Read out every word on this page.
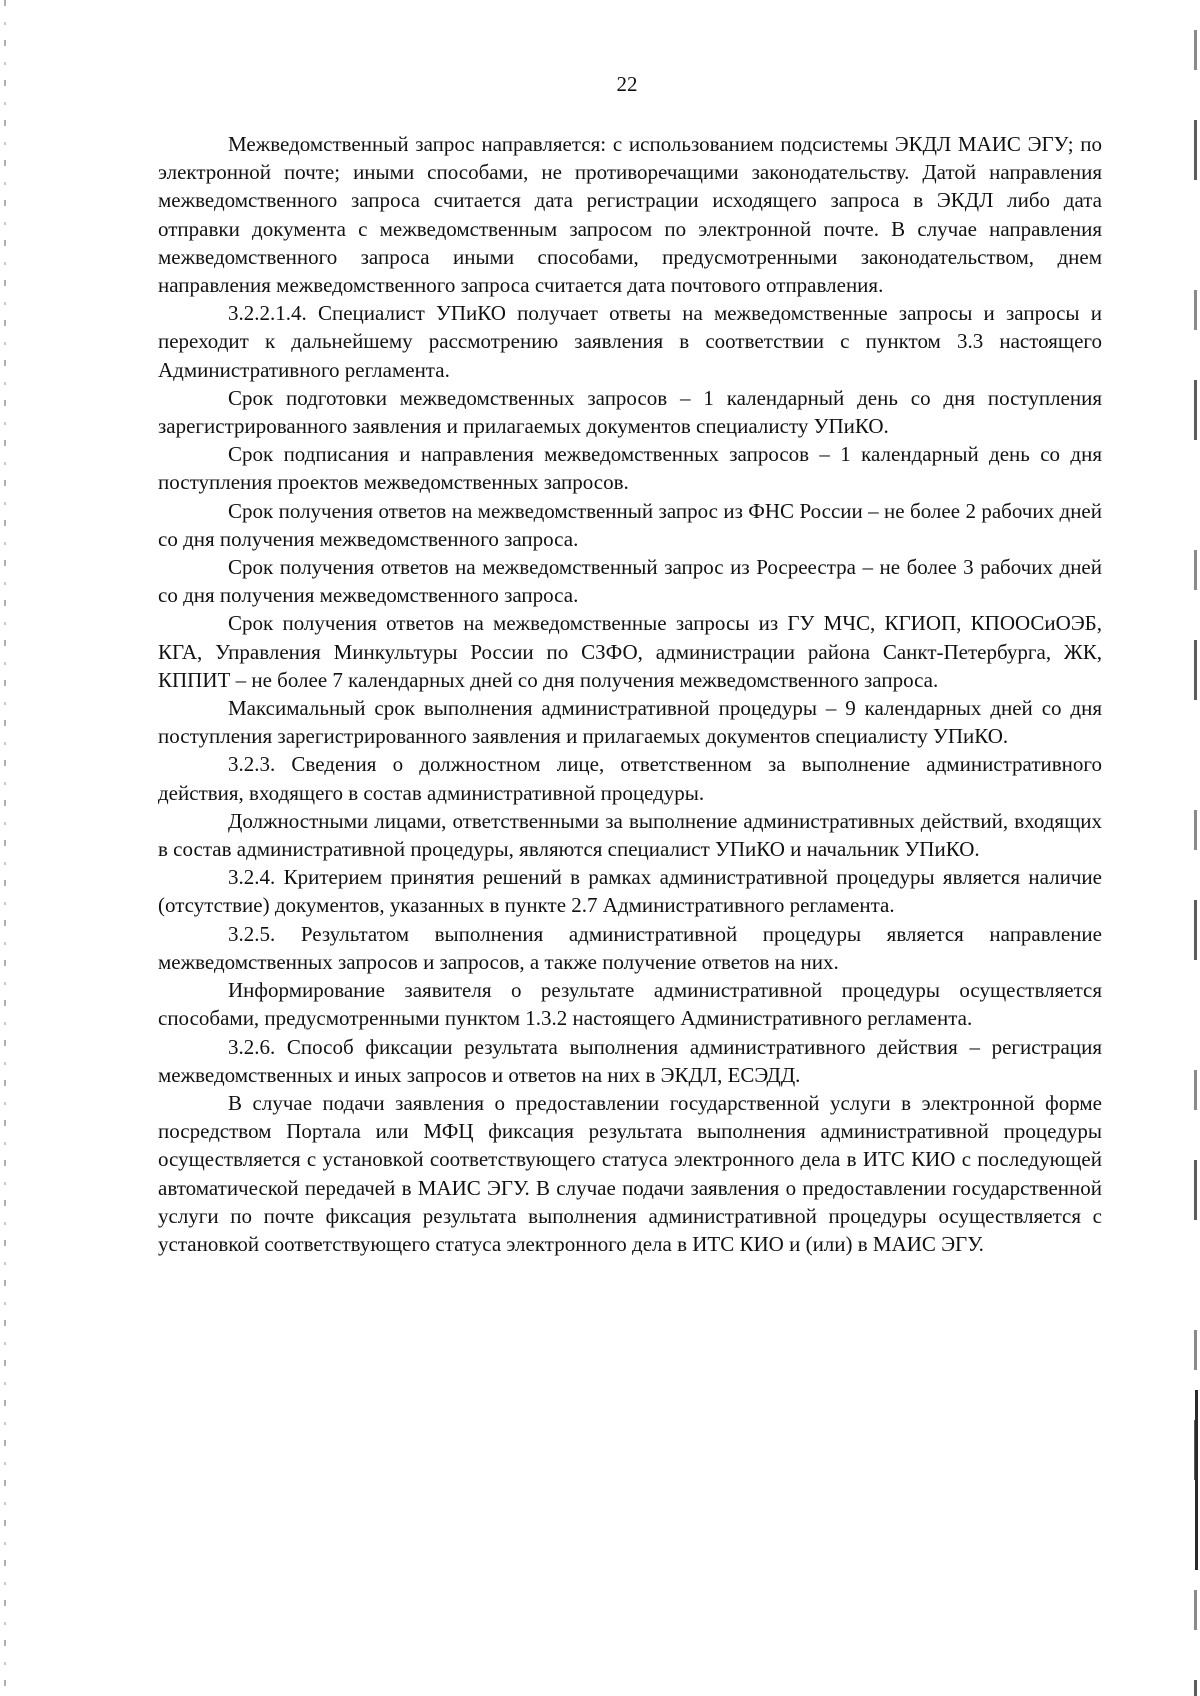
22

Межведомственный запрос направляется: с использованием подсистемы ЭКДЛ МАИС ЭГУ; по электронной почте; иными способами, не противоречащими законодательству. Датой направления межведомственного запроса считается дата регистрации исходящего запроса в ЭКДЛ либо дата отправки документа с межведомственным запросом по электронной почте. В случае направления межведомственного запроса иными способами, предусмотренными законодательством, днем направления межведомственного запроса считается дата почтового отправления.

3.2.2.1.4. Специалист УПиКО получает ответы на межведомственные запросы и запросы и переходит к дальнейшему рассмотрению заявления в соответствии с пунктом 3.3 настоящего Административного регламента.

Срок подготовки межведомственных запросов – 1 календарный день со дня поступления зарегистрированного заявления и прилагаемых документов специалисту УПиКО.

Срок подписания и направления межведомственных запросов – 1 календарный день со дня поступления проектов межведомственных запросов.

Срок получения ответов на межведомственный запрос из ФНС России – не более 2 рабочих дней со дня получения межведомственного запроса.

Срок получения ответов на межведомственный запрос из Росреестра – не более 3 рабочих дней со дня получения межведомственного запроса.

Срок получения ответов на межведомственные запросы из ГУ МЧС, КГИОП, КПООСиОЭБ, КГА, Управления Минкультуры России по СЗФО, администрации района Санкт-Петербурга, ЖК, КППИТ – не более 7 календарных дней со дня получения межведомственного запроса.

Максимальный срок выполнения административной процедуры – 9 календарных дней со дня поступления зарегистрированного заявления и прилагаемых документов специалисту УПиКО.

3.2.3. Сведения о должностном лице, ответственном за выполнение административного действия, входящего в состав административной процедуры.

Должностными лицами, ответственными за выполнение административных действий, входящих в состав административной процедуры, являются специалист УПиКО и начальник УПиКО.

3.2.4. Критерием принятия решений в рамках административной процедуры является наличие (отсутствие) документов, указанных в пункте 2.7 Административного регламента.

3.2.5. Результатом выполнения административной процедуры является направление межведомственных запросов и запросов, а также получение ответов на них.

Информирование заявителя о результате административной процедуры осуществляется способами, предусмотренными пунктом 1.3.2 настоящего Административного регламента.

3.2.6. Способ фиксации результата выполнения административного действия – регистрация межведомственных и иных запросов и ответов на них в ЭКДЛ, ЕСЭДД.

В случае подачи заявления о предоставлении государственной услуги в электронной форме посредством Портала или МФЦ фиксация результата выполнения административной процедуры осуществляется с установкой соответствующего статуса электронного дела в ИТС КИО с последующей автоматической передачей в МАИС ЭГУ. В случае подачи заявления о предоставлении государственной услуги по почте фиксация результата выполнения административной процедуры осуществляется с установкой соответствующего статуса электронного дела в ИТС КИО и (или) в МАИС ЭГУ.
